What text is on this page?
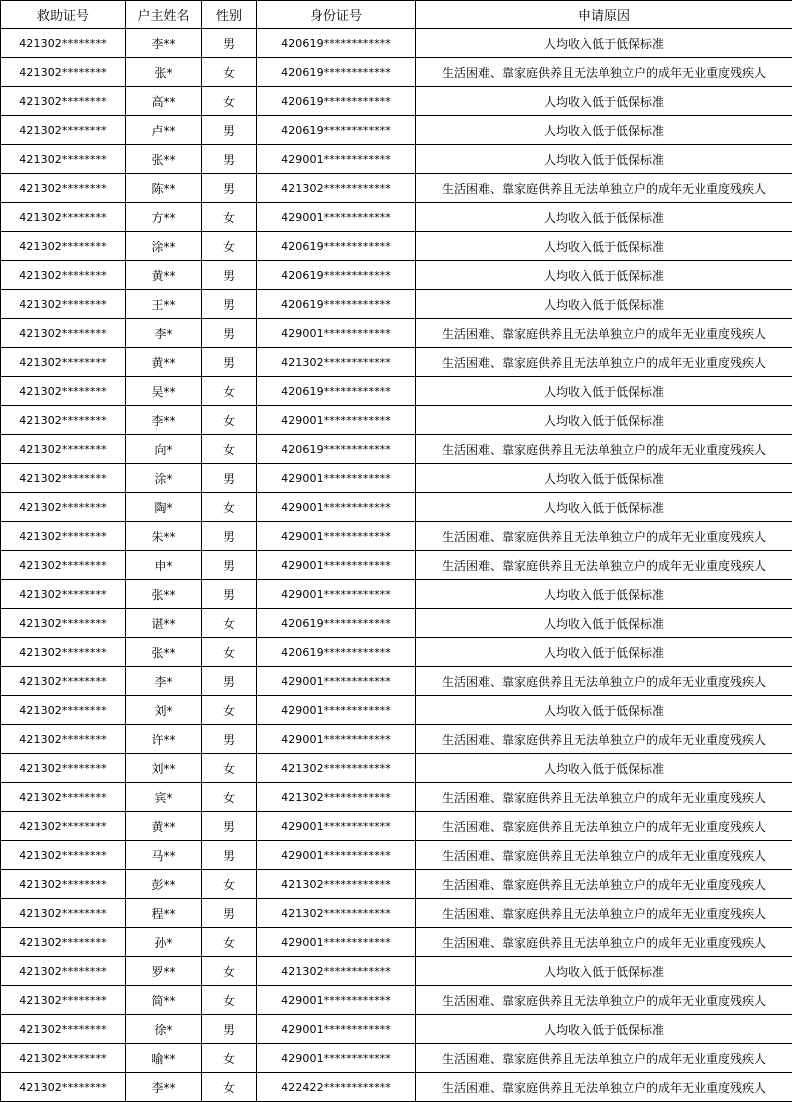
救助证号	户主姓名	性别	身份证号	申请原因
421302********	李**	男	420619************	人均收入低于低保标准
421302********	张*	女	420619************	生活困难、靠家庭供养且无法单独立户的成年无业重度残疾人
421302********	高**	女	420619************	人均收入低于低保标准
421302********	卢**	男	420619************	人均收入低于低保标准
421302********	张**	男	429001************	人均收入低于低保标准
421302********	陈**	男	421302************	生活困难、靠家庭供养且无法单独立户的成年无业重度残疾人
421302********	方**	女	429001************	人均收入低于低保标准
421302********	涂**	女	420619************	人均收入低于低保标准
421302********	黄**	男	420619************	人均收入低于低保标准
421302********	王**	男	420619************	人均收入低于低保标准
421302********	李*	男	429001************	生活困难、靠家庭供养且无法单独立户的成年无业重度残疾人
421302********	黄**	男	421302************	生活困难、靠家庭供养且无法单独立户的成年无业重度残疾人
421302********	吴**	女	420619************	人均收入低于低保标准
421302********	李**	女	429001************	人均收入低于低保标准
421302********	向*	女	420619************	生活困难、靠家庭供养且无法单独立户的成年无业重度残疾人
421302********	涂*	男	429001************	人均收入低于低保标准
421302********	陶*	女	429001************	人均收入低于低保标准
421302********	朱**	男	429001************	生活困难、靠家庭供养且无法单独立户的成年无业重度残疾人
421302********	申*	男	429001************	生活困难、靠家庭供养且无法单独立户的成年无业重度残疾人
421302********	张**	男	429001************	人均收入低于低保标准
421302********	谌**	女	420619************	人均收入低于低保标准
421302********	张**	女	420619************	人均收入低于低保标准
421302********	李*	男	429001************	生活困难、靠家庭供养且无法单独立户的成年无业重度残疾人
421302********	刘*	女	429001************	人均收入低于低保标准
421302********	许**	男	429001************	生活困难、靠家庭供养且无法单独立户的成年无业重度残疾人
421302********	刘**	女	421302************	人均收入低于低保标准
421302********	宾*	女	421302************	生活困难、靠家庭供养且无法单独立户的成年无业重度残疾人
421302********	黄**	男	429001************	生活困难、靠家庭供养且无法单独立户的成年无业重度残疾人
421302********	马**	男	429001************	生活困难、靠家庭供养且无法单独立户的成年无业重度残疾人
421302********	彭**	女	421302************	生活困难、靠家庭供养且无法单独立户的成年无业重度残疾人
421302********	程**	男	421302************	生活困难、靠家庭供养且无法单独立户的成年无业重度残疾人
421302********	孙*	女	429001************	生活困难、靠家庭供养且无法单独立户的成年无业重度残疾人
421302********	罗**	女	421302************	人均收入低于低保标准
421302********	简**	女	429001************	生活困难、靠家庭供养且无法单独立户的成年无业重度残疾人
421302********	徐*	男	429001************	人均收入低于低保标准
421302********	喻**	女	429001************	生活困难、靠家庭供养且无法单独立户的成年无业重度残疾人
421302********	李**	女	422422************	生活困难、靠家庭供养且无法单独立户的成年无业重度残疾人
